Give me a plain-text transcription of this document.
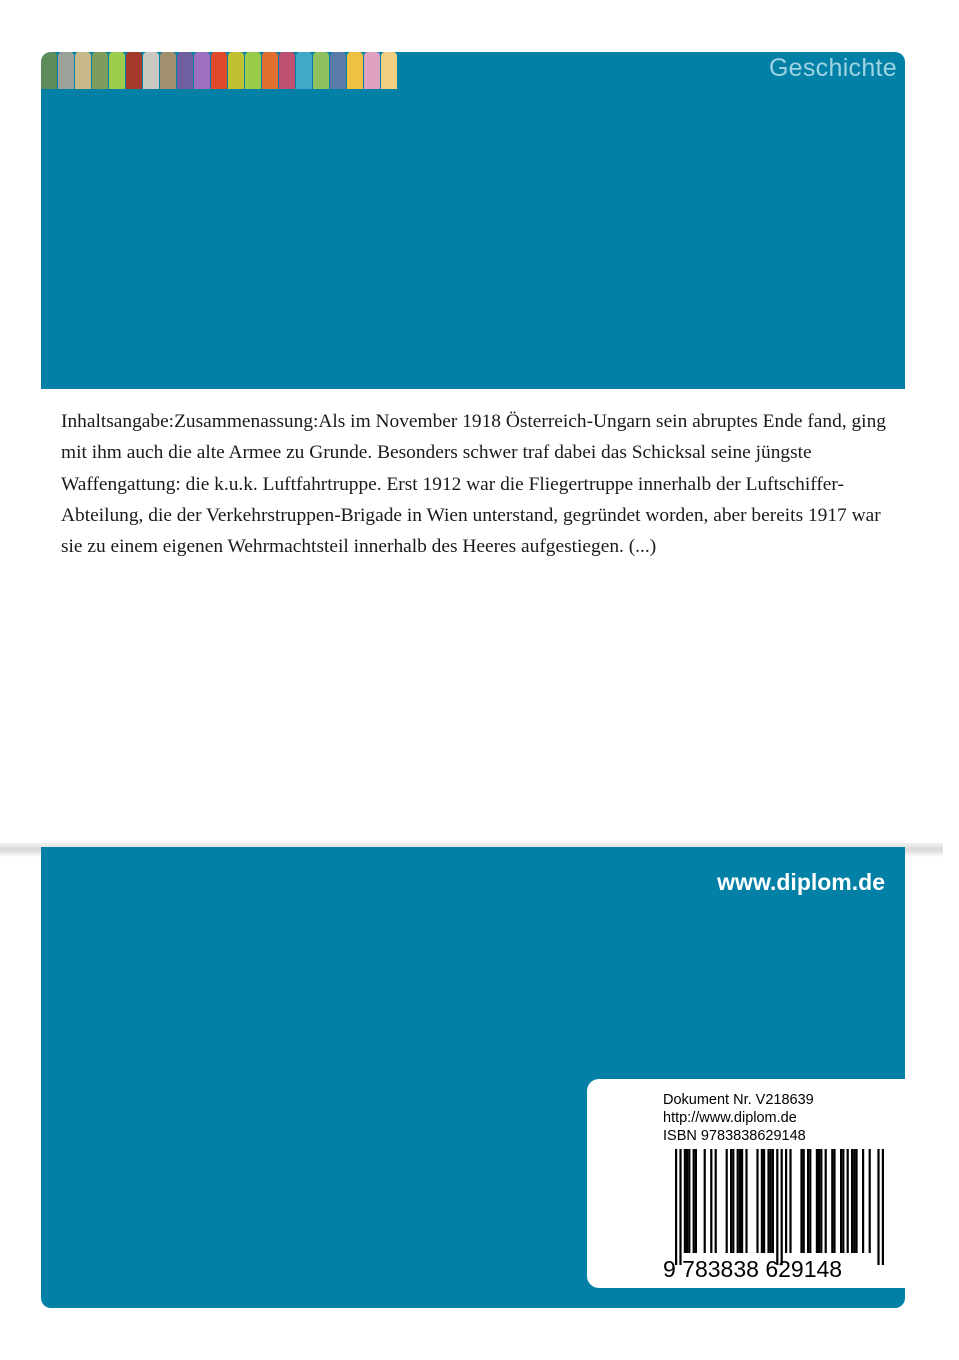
Geschichte

Inhaltsangabe:Zusammenassung:Als im November 1918 Österreich-Ungarn sein abruptes Ende fand, ging mit ihm auch die alte Armee zu Grunde. Besonders schwer traf dabei das Schicksal seine jüngste Waffengattung: die k.u.k. Luftfahrtruppe. Erst 1912 war die Fliegertruppe innerhalb der Luftschiffer-Abteilung, die der Verkehrstruppen-Brigade in Wien unterstand, gegründet worden, aber bereits 1917 war sie zu einem eigenen Wehrmachtsteil innerhalb des Heeres aufgestiegen. (...)

www.diplom.de
Dokument Nr. V218639
http://www.diplom.de
ISBN 9783838629148
9 783838 629148
